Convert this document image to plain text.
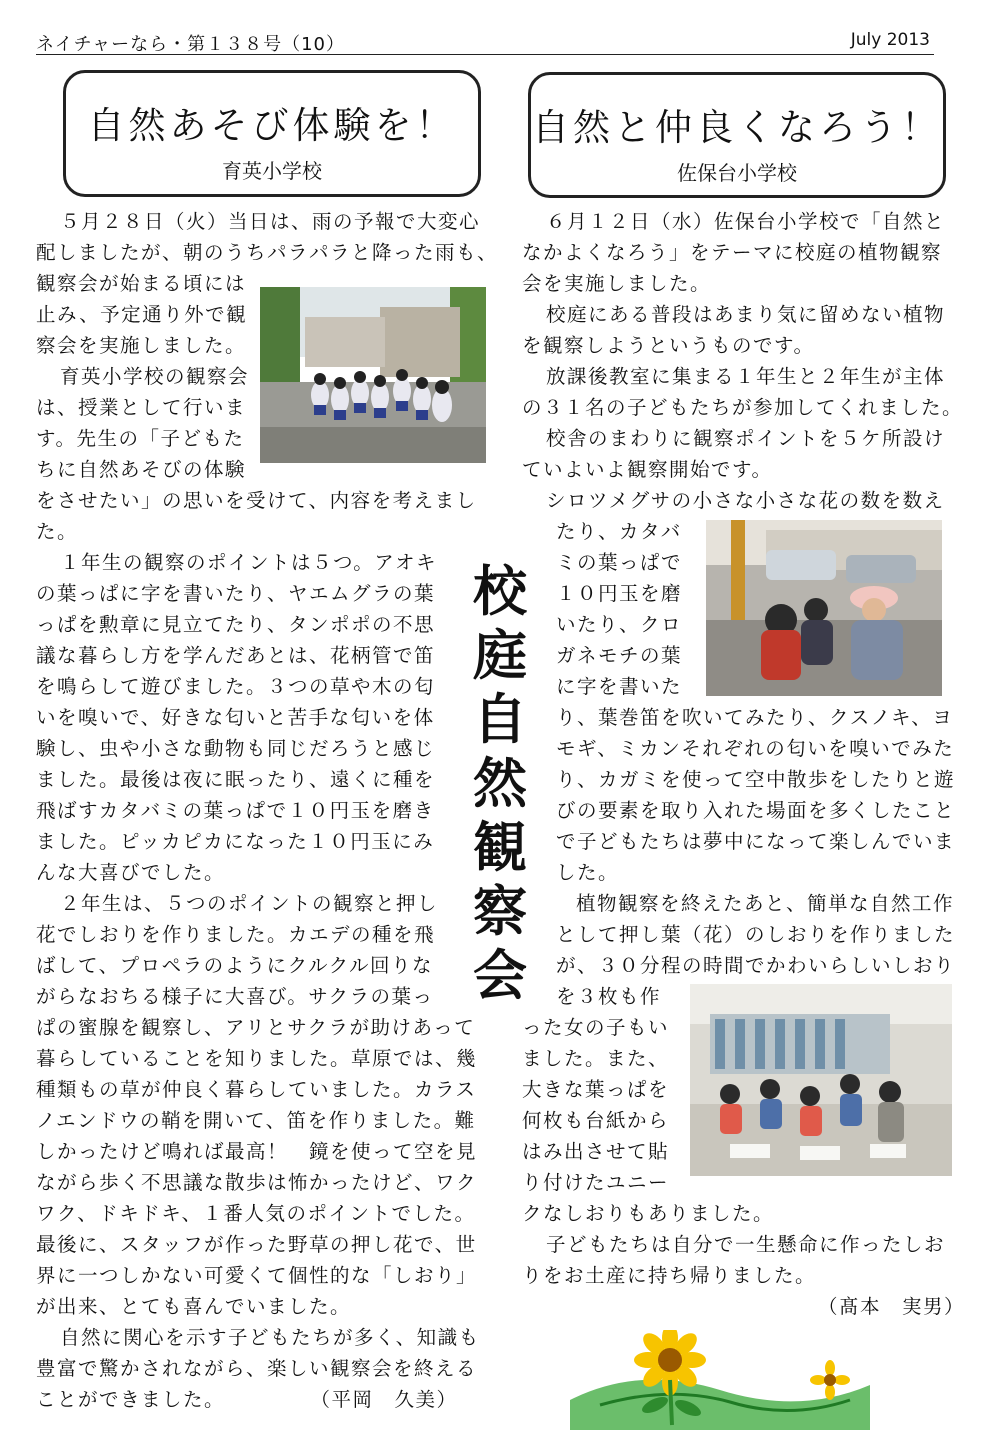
ネイチャーなら・第１３８号（10）	July 2013
自然あそび体験を！
育英小学校
自然と仲良くなろう！
佐保台小学校
５月２８日（火）当日は、雨の予報で大変心
配しましたが、朝のうちパラパラと降った雨も、
観察会が始まる頃には
止み、予定通り外で観
察会を実施しました。
育英小学校の観察会
は、授業として行いま
す。先生の「子どもた
ちに自然あそびの体験
をさせたい」の思いを受けて、内容を考えまし
た。
１年生の観察のポイントは５つ。アオキ
の葉っぱに字を書いたり、ヤエムグラの葉
っぱを勲章に見立てたり、タンポポの不思
議な暮らし方を学んだあとは、花柄管で笛
を鳴らして遊びました。３つの草や木の匂
いを嗅いで、好きな匂いと苦手な匂いを体
験し、虫や小さな動物も同じだろうと感じ
ました。最後は夜に眠ったり、遠くに種を
飛ばすカタバミの葉っぱで１０円玉を磨き
ました。ピッカピカになった１０円玉にみ
んな大喜びでした。
２年生は、５つのポイントの観察と押し
花でしおりを作りました。カエデの種を飛
ばして、プロペラのようにクルクル回りな
がらなおちる様子に大喜び。サクラの葉っ
ぱの蜜腺を観察し、アリとサクラが助けあって
暮らしていることを知りました。草原では、幾
種類もの草が仲良く暮らしていました。カラス
ノエンドウの鞘を開いて、笛を作りました。難
しかったけど鳴れば最高！　鏡を使って空を見
ながら歩く不思議な散歩は怖かったけど、ワク
ワク、ドキドキ、１番人気のポイントでした。
最後に、スタッフが作った野草の押し花で、世
界に一つしかない可愛くて個性的な「しおり」
が出来、とても喜んでいました。
自然に関心を示す子どもたちが多く、知識も
豊富で驚かされながら、楽しい観察会を終える
ことができました。　　　　　（平岡　久美）
校
庭
自
然
観
察
会
６月１２日（水）佐保台小学校で「自然と
なかよくなろう」をテーマに校庭の植物観察
会を実施しました。
校庭にある普段はあまり気に留めない植物
を観察しようというものです。
放課後教室に集まる１年生と２年生が主体
の３１名の子どもたちが参加してくれました。
校舎のまわりに観察ポイントを５ケ所設け
ていよいよ観察開始です。
シロツメグサの小さな小さな花の数を数え
たり、カタバ
ミの葉っぱで
１０円玉を磨
いたり、クロ
ガネモチの葉
に字を書いた
り、葉巻笛を吹いてみたり、クスノキ、ヨ
モギ、ミカンそれぞれの匂いを嗅いでみた
り、カガミを使って空中散歩をしたりと遊
びの要素を取り入れた場面を多くしたこと
で子どもたちは夢中になって楽しんでいま
した。
植物観察を終えたあと、簡単な自然工作
として押し葉（花）のしおりを作りました
が、３０分程の時間でかわいらしいしおり
を３枚も作
った女の子もい
ました。また、
大きな葉っぱを
何枚も台紙から
はみ出させて貼
り付けたユニー
クなしおりもありました。
子どもたちは自分で一生懸命に作ったしお
りをお土産に持ち帰りました。
（髙本　実男）
